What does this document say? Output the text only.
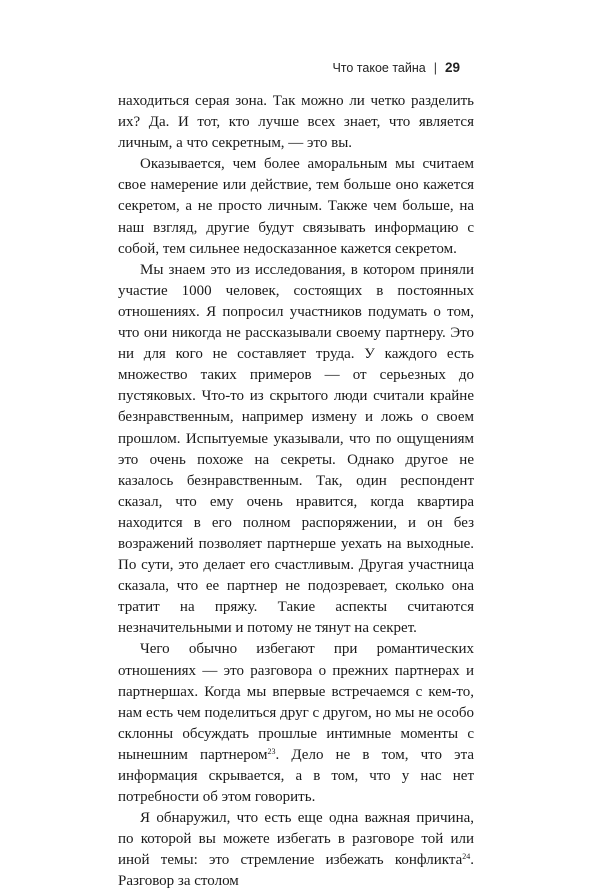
Что такое тайна | 29

находиться серая зона. Так можно ли четко разделить их? Да. И тот, кто лучше всех знает, что является личным, а что секретным, — это вы.

Оказывается, чем более аморальным мы считаем свое намерение или действие, тем больше оно кажется секретом, а не просто личным. Также чем больше, на наш взгляд, другие будут связывать информацию с собой, тем сильнее недосказанное кажется секретом.

Мы знаем это из исследования, в котором приняли участие 1000 человек, состоящих в постоянных отношениях. Я попросил участников подумать о том, что они никогда не рассказывали своему партнеру. Это ни для кого не составляет труда. У каждого есть множество таких примеров — от серьезных до пустяковых. Что-то из скрытого люди считали крайне безнравственным, например измену и ложь о своем прошлом. Испытуемые указывали, что по ощущениям это очень похоже на секреты. Однако другое не казалось безнравственным. Так, один респондент сказал, что ему очень нравится, когда квартира находится в его полном распоряжении, и он без возражений позволяет партнерше уехать на выходные. По сути, это делает его счастливым. Другая участница сказала, что ее партнер не подозревает, сколько она тратит на пряжу. Такие аспекты считаются незначительными и потому не тянут на секрет.

Чего обычно избегают при романтических отношениях — это разговора о прежних партнерах и партнершах. Когда мы впервые встречаемся с кем-то, нам есть чем поделиться друг с другом, но мы не особо склонны обсуждать прошлые интимные моменты с нынешним партнером$^{23}$. Дело не в том, что эта информация скрывается, а в том, что у нас нет потребности об этом говорить.

Я обнаружил, что есть еще одна важная причина, по которой вы можете избегать в разговоре той или иной темы: это стремление избежать конфликта$^{24}$. Разговор за столом
